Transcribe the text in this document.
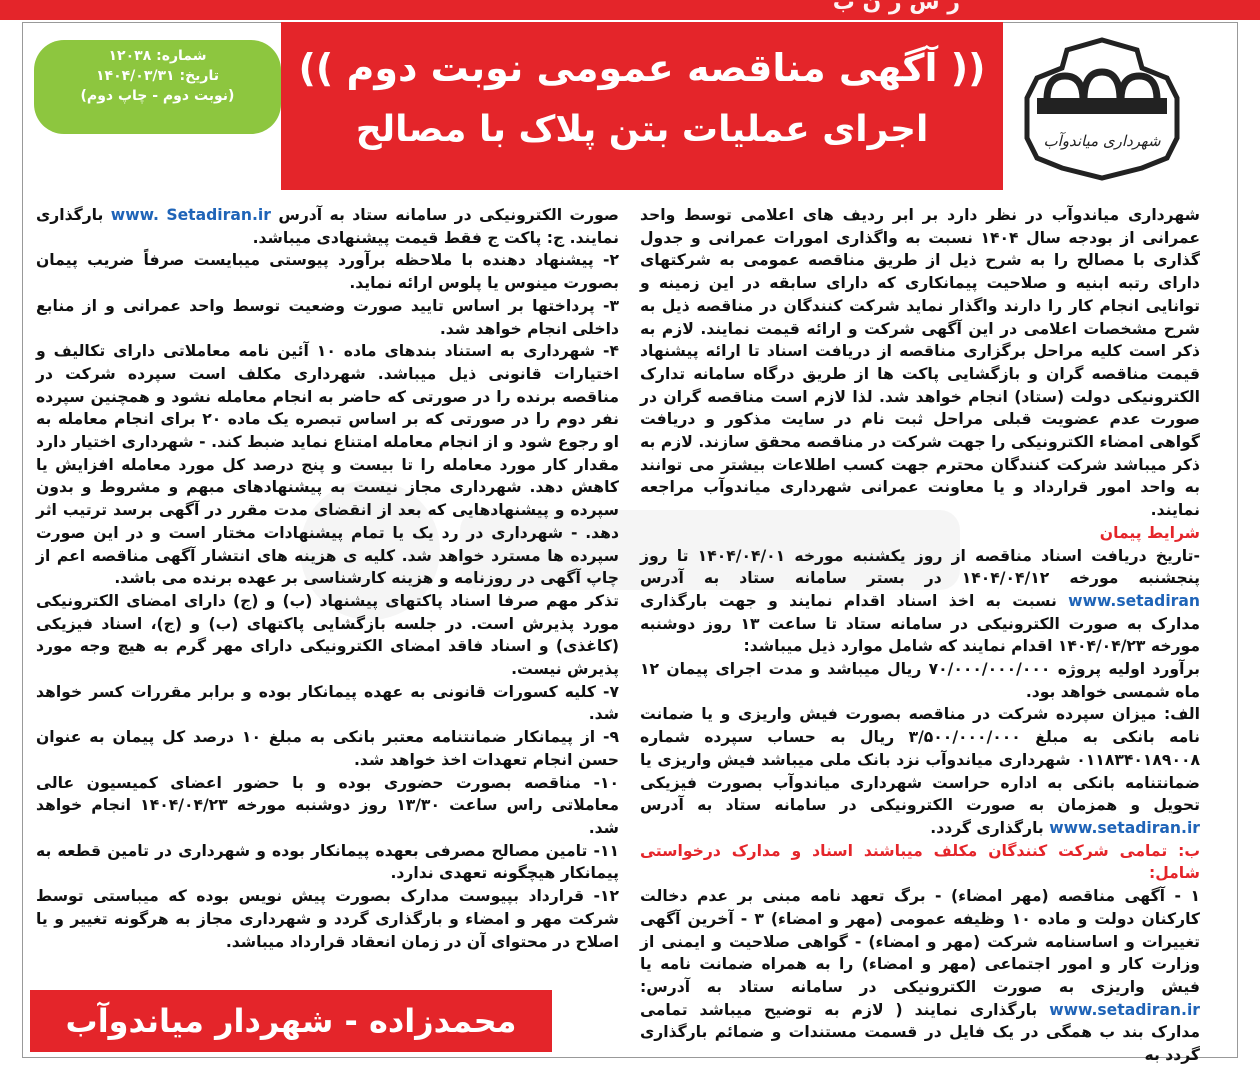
ر س ر ن ب
شهرداری میاندوآب
(( آگهی مناقصه عمومی نوبت دوم ))
اجرای عملیات بتن پلاک با مصالح
شماره: ۱۲۰۳۸
تاریخ: ۱۴۰۴/۰۳/۳۱
(نوبت دوم - چاپ دوم)

شهرداری میاندوآب در نظر دارد بر ابر ردیف های اعلامی توسط واحد عمرانی از بودجه سال ۱۴۰۴ نسبت به واگذاری امورات عمرانی و جدول گذاری با مصالح را به شرح ذیل از طریق مناقصه عمومی به شرکتهای دارای رتبه ابنیه و صلاحیت پیمانکاری که دارای سابقه در این زمینه و توانایی انجام کار را دارند واگذار نماید شرکت کنندگان در مناقصه ذیل به شرح مشخصات اعلامی در این آگهی شرکت و ارائه قیمت نمایند. لازم به ذکر است کلیه مراحل برگزاری مناقصه از دریافت اسناد تا ارائه پیشنهاد قیمت مناقصه گران و بازگشایی پاکت ها از طریق درگاه سامانه تدارک الکترونیکی دولت (ستاد) انجام خواهد شد. لذا لازم است مناقصه گران در صورت عدم عضویت قبلی مراحل ثبت نام در سایت مذکور و دریافت گواهی امضاء الکترونیکی را جهت شرکت در مناقصه محقق سازند. لازم به ذکر میباشد شرکت کنندگان محترم جهت کسب اطلاعات بیشتر می توانند به واحد امور قرارداد و یا معاونت عمرانی شهرداری میاندوآب مراجعه نمایند.

شرایط پیمان

-تاریخ دریافت اسناد مناقصه از روز یکشنبه مورخه ۱۴۰۴/۰۴/۰۱ تا روز پنجشنبه مورخه ۱۴۰۴/۰۴/۱۲ در بستر سامانه ستاد به آدرس www.setadiran نسبت به اخذ اسناد اقدام نمایند و جهت بارگذاری مدارک به صورت الکترونیکی در سامانه ستاد تا ساعت ۱۳ روز دوشنبه مورخه ۱۴۰۴/۰۴/۲۳ اقدام نمایند که شامل موارد ذیل میباشد:

برآورد اولیه پروژه ۷۰/۰۰۰/۰۰۰/۰۰۰ ریال میباشد و مدت اجرای پیمان ۱۲ ماه شمسی خواهد بود.

الف: میزان سپرده شرکت در مناقصه بصورت فیش واریزی و یا ضمانت نامه بانکی به مبلغ ۳/۵۰۰/۰۰۰/۰۰۰ ریال به حساب سپرده شماره ۰۱۱۸۳۴۰۱۸۹۰۰۸ شهرداری میاندوآب نزد بانک ملی میباشد فیش واریزی یا ضمانتنامه بانکی به اداره حراست شهرداری میاندوآب بصورت فیزیکی تحویل و همزمان به صورت الکترونیکی در سامانه ستاد به آدرس www.setadiran.ir بارگذاری گردد.

ب: تمامی شرکت کنندگان مکلف میباشند اسناد و مدارک درخواستی شامل:

۱ - آگهی مناقصه (مهر امضاء) - برگ تعهد نامه مبنی بر عدم دخالت کارکنان دولت و ماده ۱۰ وظیفه عمومی (مهر و امضاء) ۳ - آخرین آگهی تغییرات و اساسنامه شرکت (مهر و امضاء) - گواهی صلاحیت و ایمنی از وزارت کار و امور اجتماعی (مهر و امضاء) را به همراه ضمانت نامه یا فیش واریزی به صورت الکترونیکی در سامانه ستاد به آدرس: www.setadiran.ir بارگذاری نمایند ( لازم به توضیح میباشد تمامی مدارک بند ب همگی در یک فایل در قسمت مستندات و ضمائم بارگذاری گردد به

صورت الکترونیکی در سامانه ستاد به آدرس www. Setadiran.ir بارگذاری نمایند. ج: پاکت ج فقط قیمت پیشنهادی میباشد.

۲- پیشنهاد دهنده با ملاحظه برآورد پیوستی میبایست صرفاً ضریب پیمان بصورت مینوس یا پلوس ارائه نماید.

۳- پرداختها بر اساس تایید صورت وضعیت توسط واحد عمرانی و از منابع داخلی انجام خواهد شد.

۴- شهرداری به استناد بندهای ماده ۱۰ آئین نامه معاملاتی دارای تکالیف و اختیارات قانونی ذیل میباشد. شهرداری مکلف است سپرده شرکت در مناقصه برنده را در صورتی که حاضر به انجام معامله نشود و همچنین سپرده نفر دوم را در صورتی که بر اساس تبصره یک ماده ۲۰ برای انجام معامله به او رجوع شود و از انجام معامله امتناع نماید ضبط کند. - شهرداری اختیار دارد مقدار کار مورد معامله را تا بیست و پنج درصد کل مورد معامله افزایش یا کاهش دهد. شهرداری مجاز نیست به پیشنهادهای مبهم و مشروط و بدون سپرده و پیشنهادهایی که بعد از انقضای مدت مقرر در آگهی برسد ترتیب اثر دهد. - شهرداری در رد یک یا تمام پیشنهادات مختار است و در این صورت سپرده ها مسترد خواهد شد. کلیه ی هزینه های انتشار آگهی مناقصه اعم از چاپ آگهی در روزنامه و هزینه کارشناسی بر عهده برنده می باشد.

تذکر مهم صرفا اسناد پاکتهای پیشنهاد (ب) و (ج) دارای امضای الکترونیکی مورد پذیرش است. در جلسه بازگشایی پاکتهای (ب) و (ج)، اسناد فیزیکی (کاغذی) و اسناد فاقد امضای الکترونیکی دارای مهر گرم به هیچ وجه مورد پذیرش نیست.

۷- کلیه کسورات قانونی به عهده پیمانکار بوده و برابر مقررات کسر خواهد شد.

۹- از پیمانکار ضمانتنامه معتبر بانکی به مبلغ ۱۰ درصد کل پیمان به عنوان حسن انجام تعهدات اخذ خواهد شد.

۱۰- مناقصه بصورت حضوری بوده و با حضور اعضای کمیسیون عالی معاملاتی راس ساعت ۱۳/۳۰ روز دوشنبه مورخه ۱۴۰۴/۰۴/۲۳ انجام خواهد شد.

۱۱- تامین مصالح مصرفی بعهده پیمانکار بوده و شهرداری در تامین قطعه به پیمانکار هیچگونه تعهدی ندارد.

۱۲- قرارداد بپیوست مدارک بصورت پیش نویس بوده که میباستی توسط شرکت مهر و امضاء و بارگذاری گردد و شهرداری مجاز به هرگونه تغییر و یا اصلاح در محتوای آن در زمان انعقاد قرارداد میباشد.

محمدزاده - شهردار میاندوآب
